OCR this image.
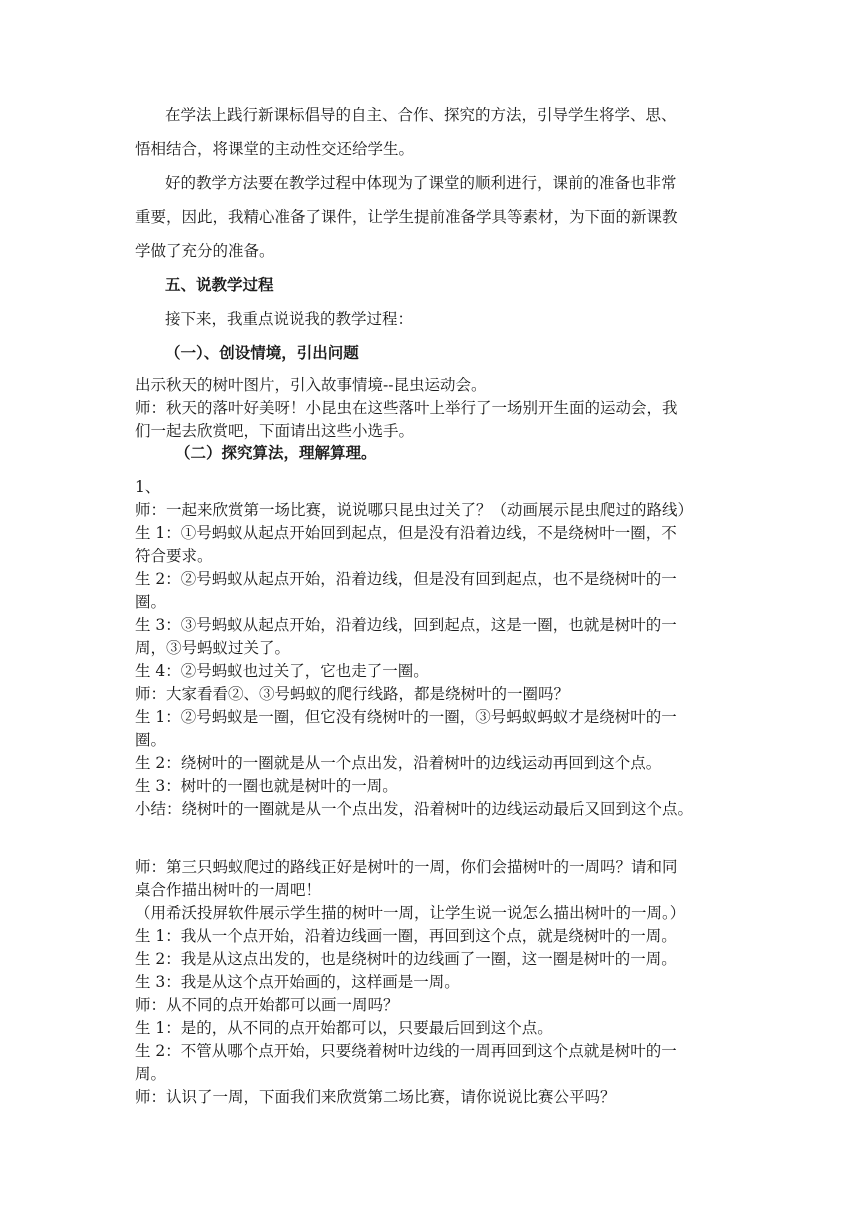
在学法上践行新课标倡导的自主、合作、探究的方法，引导学生将学、思、
悟相结合，将课堂的主动性交还给学生。
好的教学方法要在教学过程中体现为了课堂的顺利进行，课前的准备也非常
重要，因此，我精心准备了课件，让学生提前准备学具等素材，为下面的新课教
学做了充分的准备。
五、说教学过程
接下来，我重点说说我的教学过程：
（一）、创设情境，引出问题
出示秋天的树叶图片，引入故事情境--昆虫运动会。
师：秋天的落叶好美呀！小昆虫在这些落叶上举行了一场别开生面的运动会，我
们一起去欣赏吧，下面请出这些小选手。
（二）探究算法，理解算理。
1、
师：一起来欣赏第一场比赛，说说哪只昆虫过关了？（动画展示昆虫爬过的路线）
生 1：①号蚂蚁从起点开始回到起点，但是没有沿着边线，不是绕树叶一圈，不
符合要求。
生 2：②号蚂蚁从起点开始，沿着边线，但是没有回到起点，也不是绕树叶的一
圈。
生 3：③号蚂蚁从起点开始，沿着边线，回到起点，这是一圈，也就是树叶的一
周，③号蚂蚁过关了。
生 4：②号蚂蚁也过关了，它也走了一圈。
师：大家看看②、③号蚂蚁的爬行线路，都是绕树叶的一圈吗？
生 1：②号蚂蚁是一圈，但它没有绕树叶的一圈，③号蚂蚁蚂蚁才是绕树叶的一
圈。
生 2：绕树叶的一圈就是从一个点出发，沿着树叶的边线运动再回到这个点。
生 3：树叶的一圈也就是树叶的一周。
小结：绕树叶的一圈就是从一个点出发，沿着树叶的边线运动最后又回到这个点。
师：第三只蚂蚁爬过的路线正好是树叶的一周，你们会描树叶的一周吗？请和同
桌合作描出树叶的一周吧！
（用希沃投屏软件展示学生描的树叶一周，让学生说一说怎么描出树叶的一周。）
生 1：我从一个点开始，沿着边线画一圈，再回到这个点，就是绕树叶的一周。
生 2：我是从这点出发的，也是绕树叶的边线画了一圈，这一圈是树叶的一周。
生 3：我是从这个点开始画的，这样画是一周。
师：从不同的点开始都可以画一周吗？
生 1：是的，从不同的点开始都可以，只要最后回到这个点。
生 2：不管从哪个点开始，只要绕着树叶边线的一周再回到这个点就是树叶的一
周。
师：认识了一周，下面我们来欣赏第二场比赛，请你说说比赛公平吗？
